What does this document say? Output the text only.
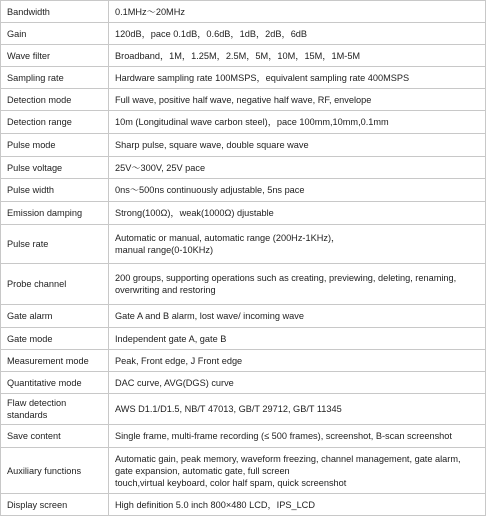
Bandwidth	0.1MHz～20MHz

Gain	120dB，pace 0.1dB，0.6dB，1dB，2dB，6dB

Wave filter	Broadband，1M，1.25M，2.5M，5M，10M，15M，1M-5M

Sampling rate	Hardware sampling rate 100MSPS，equivalent sampling rate 400MSPS

Detection mode	Full wave, positive half wave, negative half wave, RF, envelope

Detection range	10m (Longitudinal wave carbon steel)，pace 100mm,10mm,0.1mm

Pulse mode	Sharp pulse, square wave, double square wave

Pulse voltage	25V～300V, 25V pace

Pulse width	0ns～500ns continuously adjustable, 5ns pace

Emission damping	Strong(100Ω)，weak(1000Ω) djustable

Pulse rate	Automatic or manual, automatic range (200Hz-1KHz)，
manual range(0-10KHz)

Probe channel	200 groups, supporting operations such as creating, previewing, deleting, renaming,
overwriting and restoring

Gate alarm	Gate A and B alarm, lost wave/ incoming wave

Gate mode	Independent gate A, gate B

Measurement mode	Peak, Front edge, J Front edge

Quantitative mode	DAC curve, AVG(DGS) curve

Flaw detection standards	AWS D1.1/D1.5, NB/T 47013, GB/T 29712, GB/T 11345

Save content	Single frame, multi-frame recording (≤ 500 frames), screenshot, B-scan screenshot

Auxiliary functions	Automatic gain, peak memory, waveform freezing, channel management, gate alarm,
gate expansion, automatic gate, full screen
touch,virtual keyboard, color half spam, quick screenshot

Display screen	High definition 5.0 inch 800×480 LCD，IPS_LCD
